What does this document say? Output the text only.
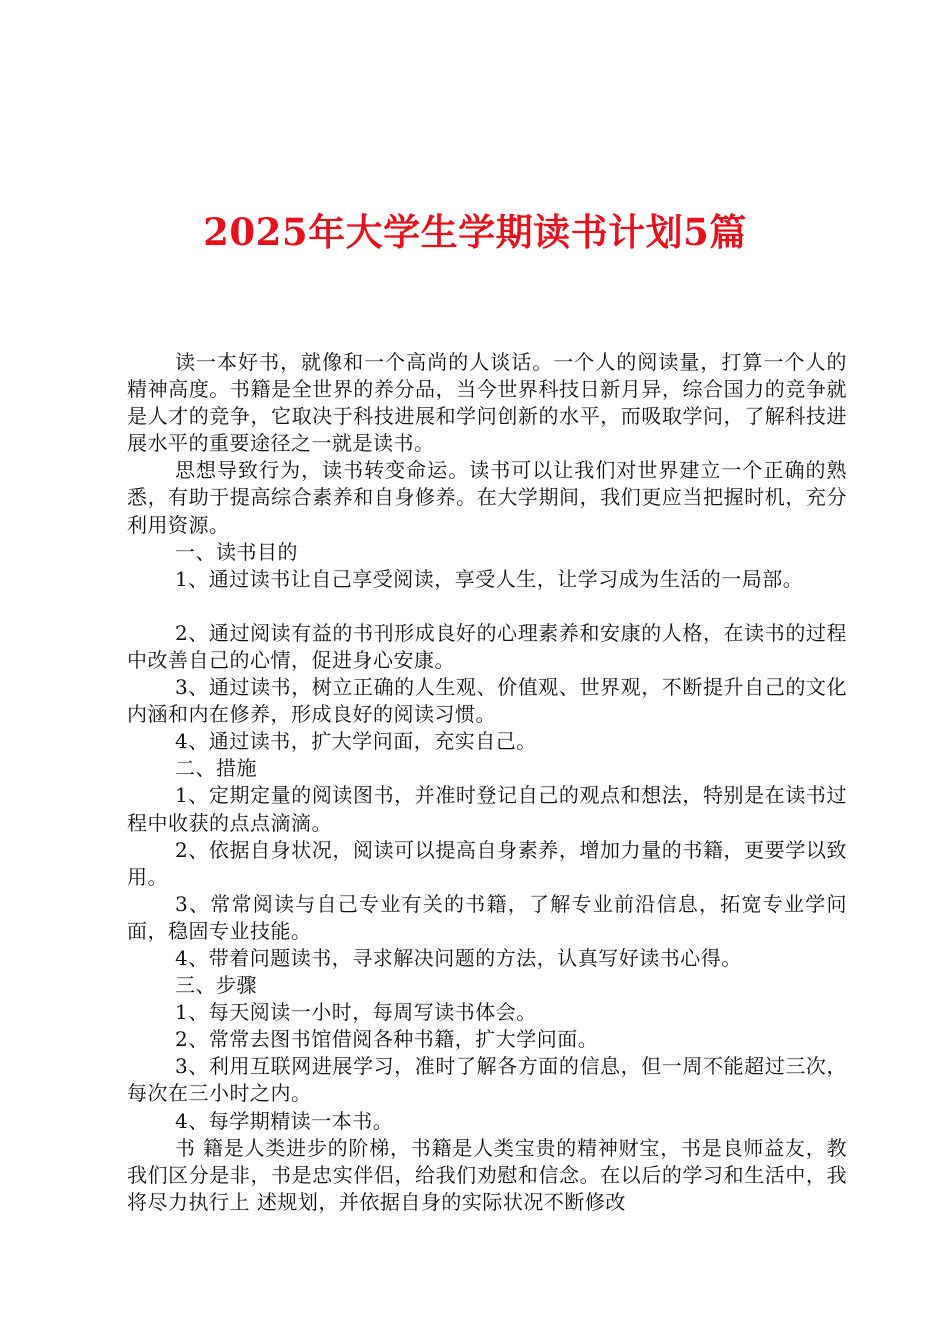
2025年大学生学期读书计划5篇

读一本好书，就像和一个高尚的人谈话。一个人的阅读量，打算一个人的精神高度。书籍是全世界的养分品，当今世界科技日新月异，综合国力的竞争就是人才的竞争，它取决于科技进展和学问创新的水平，而吸取学问，了解科技进展水平的重要途径之一就是读书。

思想导致行为，读书转变命运。读书可以让我们对世界建立一个正确的熟悉，有助于提高综合素养和自身修养。在大学期间，我们更应当把握时机，充分利用资源。

一、读书目的

1、通过读书让自己享受阅读，享受人生，让学习成为生活的一局部。

2、通过阅读有益的书刊形成良好的心理素养和安康的人格，在读书的过程中改善自己的心情，促进身心安康。

3、通过读书，树立正确的人生观、价值观、世界观，不断提升自己的文化内涵和内在修养，形成良好的阅读习惯。

4、通过读书，扩大学问面，充实自己。

二、措施

1、定期定量的阅读图书，并准时登记自己的观点和想法，特别是在读书过程中收获的点点滴滴。

2、依据自身状况，阅读可以提高自身素养，增加力量的书籍，更要学以致用。

3、常常阅读与自己专业有关的书籍，了解专业前沿信息，拓宽专业学问面，稳固专业技能。

4、带着问题读书，寻求解决问题的方法，认真写好读书心得。

三、步骤

1、每天阅读一小时，每周写读书体会。

2、常常去图书馆借阅各种书籍，扩大学问面。

3、利用互联网进展学习，准时了解各方面的信息，但一周不能超过三次，每次在三小时之内。

4、每学期精读一本书。

书 籍是人类进步的阶梯，书籍是人类宝贵的精神财宝，书是良师益友，教我们区分是非，书是忠实伴侣，给我们劝慰和信念。在以后的学习和生活中，我将尽力执行上 述规划，并依据自身的实际状况不断修改
